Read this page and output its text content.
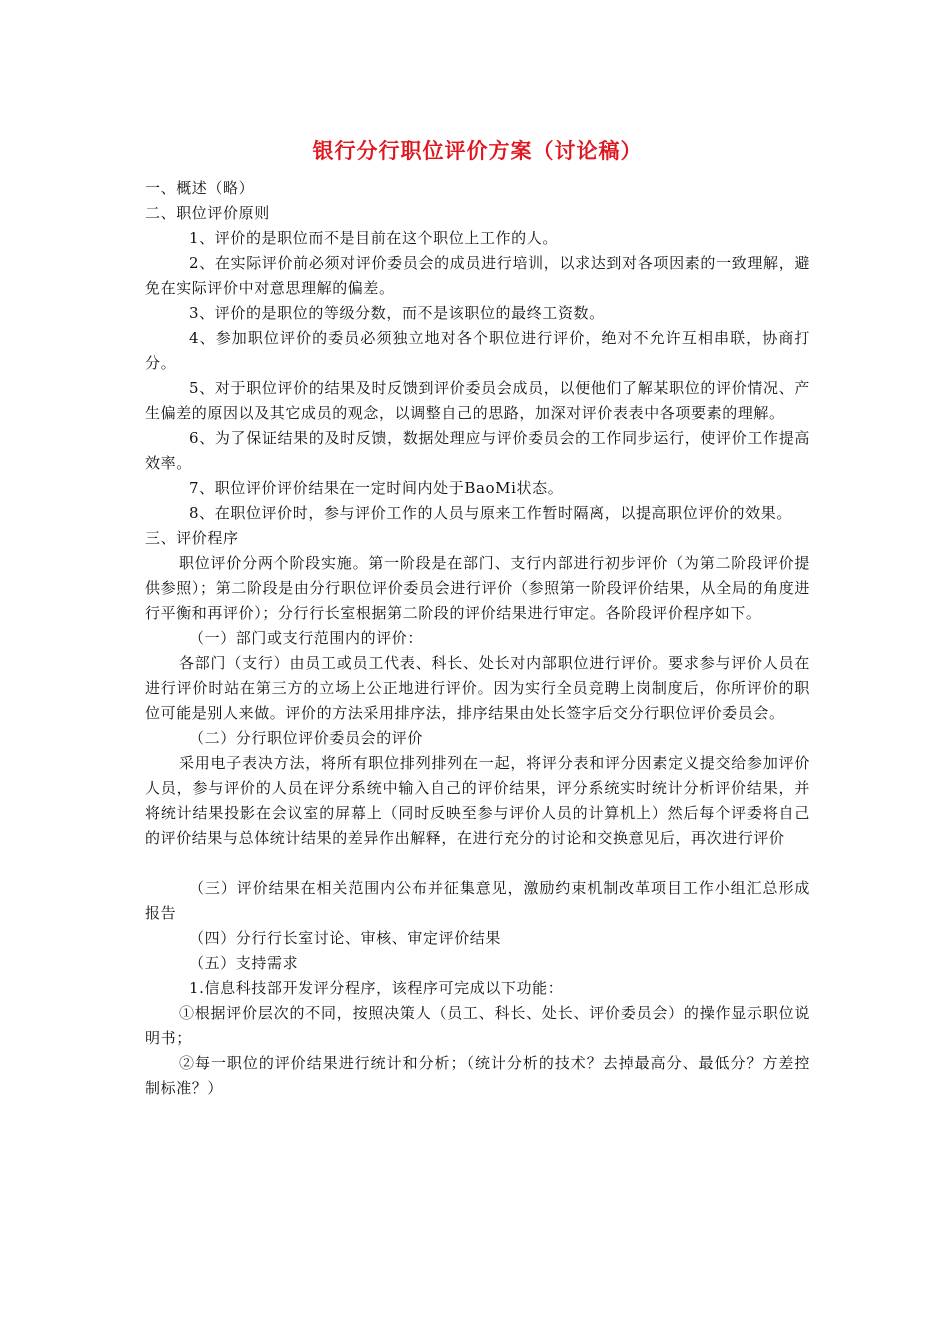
银行分行职位评价方案（讨论稿）

一、概述（略）

二、职位评价原则

1、评价的是职位而不是目前在这个职位上工作的人。

2、在实际评价前必须对评价委员会的成员进行培训，以求达到对各项因素的一致理解，避免在实际评价中对意思理解的偏差。

3、评价的是职位的等级分数，而不是该职位的最终工资数。

4、参加职位评价的委员必须独立地对各个职位进行评价，绝对不允许互相串联，协商打分。

5、对于职位评价的结果及时反馈到评价委员会成员，以便他们了解某职位的评价情况、产生偏差的原因以及其它成员的观念，以调整自己的思路，加深对评价表表中各项要素的理解。

6、为了保证结果的及时反馈，数据处理应与评价委员会的工作同步运行，使评价工作提高效率。

7、职位评价评价结果在一定时间内处于BaoMi状态。

8、在职位评价时，参与评价工作的人员与原来工作暂时隔离，以提高职位评价的效果。

三、评价程序

职位评价分两个阶段实施。第一阶段是在部门、支行内部进行初步评价（为第二阶段评价提供参照）；第二阶段是由分行职位评价委员会进行评价（参照第一阶段评价结果，从全局的角度进行平衡和再评价）；分行行长室根据第二阶段的评价结果进行审定。各阶段评价程序如下。

（一）部门或支行范围内的评价：

各部门（支行）由员工或员工代表、科长、处长对内部职位进行评价。要求参与评价人员在进行评价时站在第三方的立场上公正地进行评价。因为实行全员竞聘上岗制度后，你所评价的职位可能是别人来做。评价的方法采用排序法，排序结果由处长签字后交分行职位评价委员会。

（二）分行职位评价委员会的评价

采用电子表决方法，将所有职位排列排列在一起，将评分表和评分因素定义提交给参加评价人员，参与评价的人员在评分系统中输入自己的评价结果，评分系统实时统计分析评价结果，并将统计结果投影在会议室的屏幕上（同时反映至参与评价人员的计算机上）然后每个评委将自己的评价结果与总体统计结果的差异作出解释，在进行充分的讨论和交换意见后，再次进行评价

（三）评价结果在相关范围内公布并征集意见，激励约束机制改革项目工作小组汇总形成报告

（四）分行行长室讨论、审核、审定评价结果

（五）支持需求

1.信息科技部开发评分程序，该程序可完成以下功能：

①根据评价层次的不同，按照决策人（员工、科长、处长、评价委员会）的操作显示职位说明书；

②每一职位的评价结果进行统计和分析；（统计分析的技术？去掉最高分、最低分？方差控制标准？）
